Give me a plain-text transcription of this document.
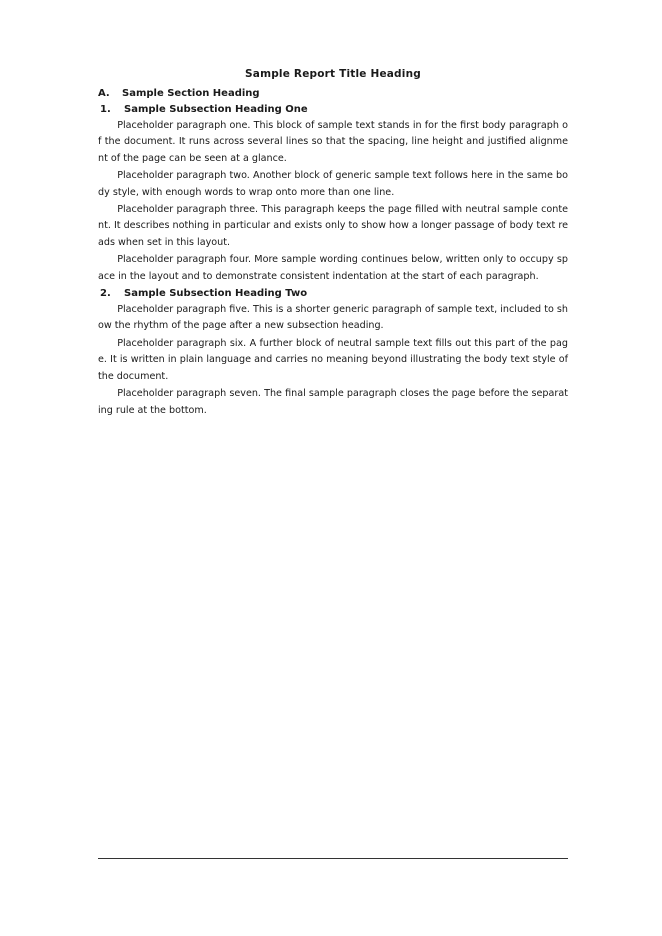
Sample Report Title Heading

A. Sample Section Heading

1. Sample Subsection Heading One

Placeholder paragraph one. This block of sample text stands in for the first body paragraph of the document. It runs across several lines so that the spacing, line height and justified alignment of the page can be seen at a glance.

Placeholder paragraph two. Another block of generic sample text follows here in the same body style, with enough words to wrap onto more than one line.

Placeholder paragraph three. This paragraph keeps the page filled with neutral sample content. It describes nothing in particular and exists only to show how a longer passage of body text reads when set in this layout.

Placeholder paragraph four. More sample wording continues below, written only to occupy space in the layout and to demonstrate consistent indentation at the start of each paragraph.

2. Sample Subsection Heading Two

Placeholder paragraph five. This is a shorter generic paragraph of sample text, included to show the rhythm of the page after a new subsection heading.

Placeholder paragraph six. A further block of neutral sample text fills out this part of the page. It is written in plain language and carries no meaning beyond illustrating the body text style of the document.

Placeholder paragraph seven. The final sample paragraph closes the page before the separating rule at the bottom.
